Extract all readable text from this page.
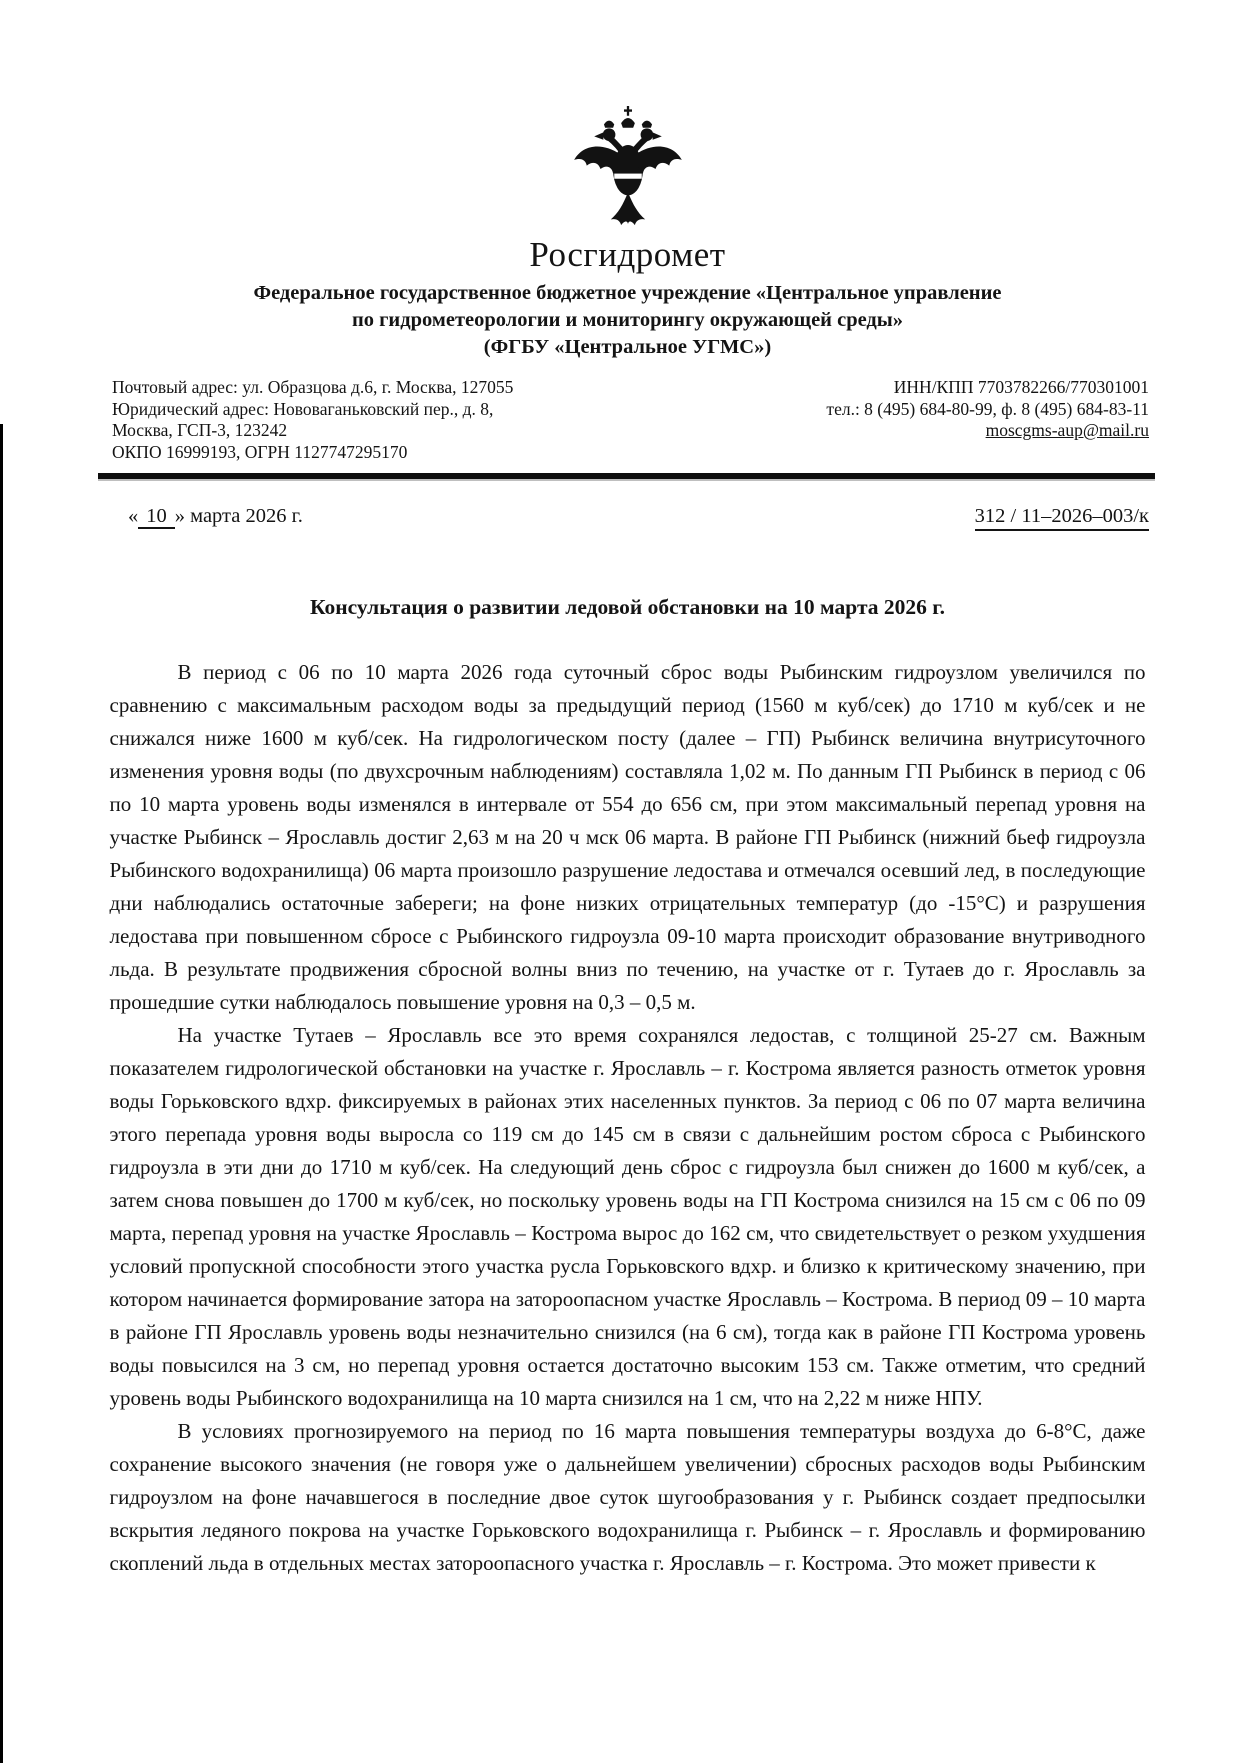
Росгидромет
Федеральное государственное бюджетное учреждение «Центральное управление
по гидрометеорологии и мониторингу окружающей среды»
(ФГБУ «Центральное УГМС»)
Почтовый адрес: ул. Образцова д.6, г. Москва, 127055
Юридический адрес: Нововаганьковский пер., д. 8,
Москва, ГСП-3, 123242
ОКПО 16999193, ОГРН 1127747295170
ИНН/КПП 7703782266/770301001
тел.: 8 (495) 684-80-99, ф. 8 (495) 684-83-11
moscgms-aup@mail.ru
« 10 » марта 2026 г.	312 / 11–2026–003/к
Консультация о развитии ледовой обстановки на 10 марта 2026 г.

В период с 06 по 10 марта 2026 года суточный сброс воды Рыбинским гидроузлом увеличился по сравнению с максимальным расходом воды за предыдущий период (1560 м куб/сек) до 1710 м куб/сек и не снижался ниже 1600 м куб/сек. На гидрологическом посту (далее – ГП) Рыбинск величина внутрисуточного изменения уровня воды (по двухсрочным наблюдениям) составляла 1,02 м. По данным ГП Рыбинск в период с 06 по 10 марта уровень воды изменялся в интервале от 554 до 656 см, при этом максимальный перепад уровня на участке Рыбинск – Ярославль достиг 2,63 м на 20 ч мск 06 марта. В районе ГП Рыбинск (нижний бьеф гидроузла Рыбинского водохранилища) 06 марта произошло разрушение ледостава и отмечался осевший лед, в последующие дни наблюдались остаточные забереги; на фоне низких отрицательных температур (до -15°С) и разрушения ледостава при повышенном сбросе с Рыбинского гидроузла 09-10 марта происходит образование внутриводного льда. В результате продвижения сбросной волны вниз по течению, на участке от г. Тутаев до г. Ярославль за прошедшие сутки наблюдалось повышение уровня на 0,3 – 0,5 м.

На участке Тутаев – Ярославль все это время сохранялся ледостав, с толщиной 25-27 см. Важным показателем гидрологической обстановки на участке г. Ярославль – г. Кострома является разность отметок уровня воды Горьковского вдхр. фиксируемых в районах этих населенных пунктов. За период с 06 по 07 марта величина этого перепада уровня воды выросла со 119 см до 145 см в связи с дальнейшим ростом сброса с Рыбинского гидроузла в эти дни до 1710 м куб/сек. На следующий день сброс с гидроузла был снижен до 1600 м куб/сек, а затем снова повышен до 1700 м куб/сек, но поскольку уровень воды на ГП Кострома снизился на 15 см с 06 по 09 марта, перепад уровня на участке Ярославль – Кострома вырос до 162 см, что свидетельствует о резком ухудшения условий пропускной способности этого участка русла Горьковского вдхр. и близко к критическому значению, при котором начинается формирование затора на затороопасном участке Ярославль – Кострома. В период 09 – 10 марта в районе ГП Ярославль уровень воды незначительно снизился (на 6 см), тогда как в районе ГП Кострома уровень воды повысился на 3 см, но перепад уровня остается достаточно высоким 153 см. Также отметим, что средний уровень воды Рыбинского водохранилища на 10 марта снизился на 1 см, что на 2,22 м ниже НПУ.

В условиях прогнозируемого на период по 16 марта повышения температуры воздуха до 6-8°С, даже сохранение высокого значения (не говоря уже о дальнейшем увеличении) сбросных расходов воды Рыбинским гидроузлом на фоне начавшегося в последние двое суток шугообразования у г. Рыбинск создает предпосылки вскрытия ледяного покрова на участке Горьковского водохранилища г. Рыбинск – г. Ярославль и формированию скоплений льда в отдельных местах затороопасного участка г. Ярославль – г. Кострома. Это может привести к
